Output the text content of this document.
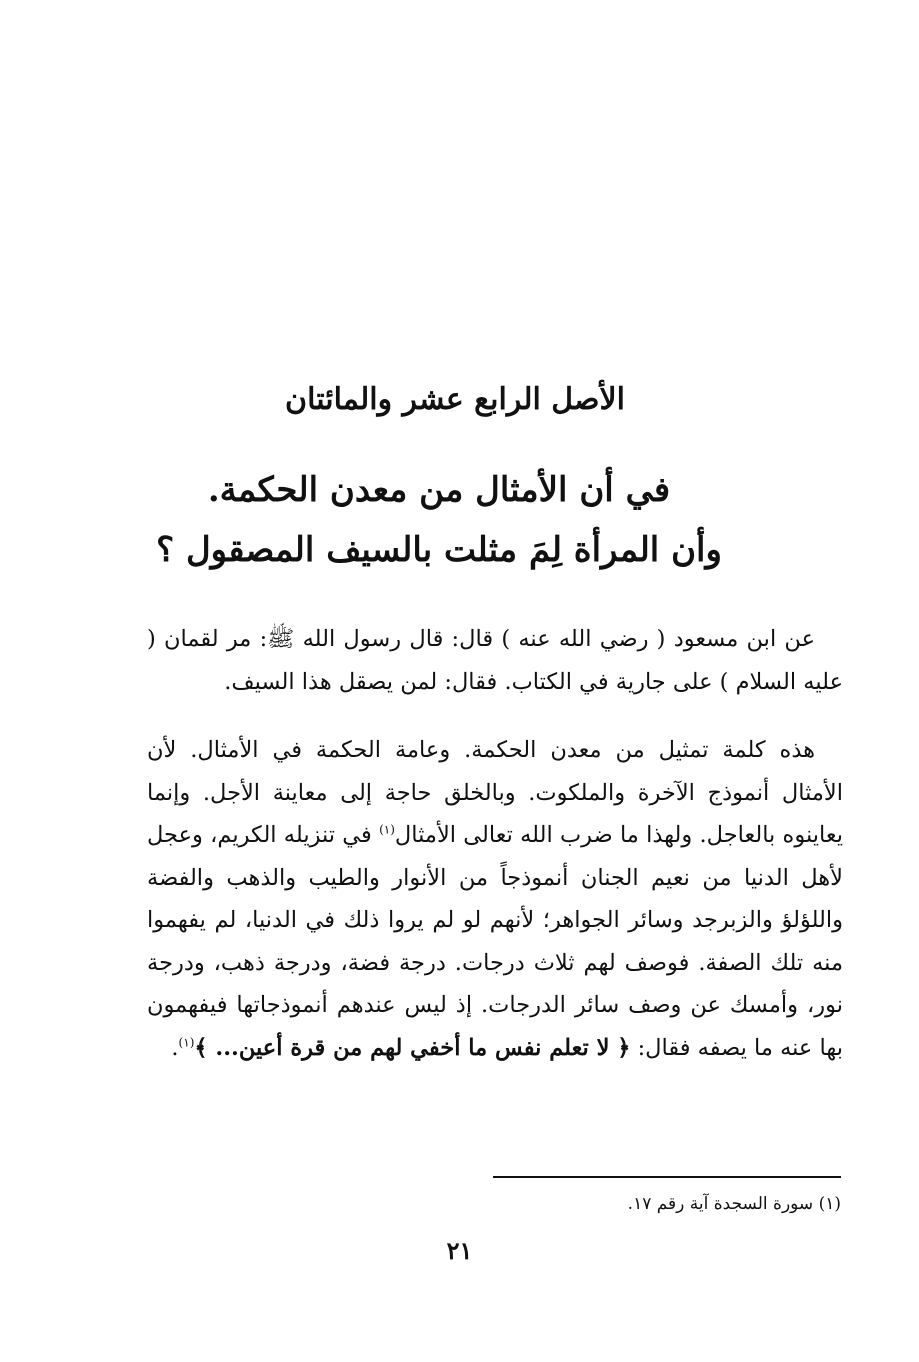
الأصل الرابع عشر والمائتان
في أن الأمثال من معدن الحكمة.
وأن المرأة لِمَ مثلت بالسيف المصقول ؟

عن ابن مسعود ( رضي الله عنه ) قال: قال رسول الله ﷺ: مر لقمان ( عليه السلام ) على جارية في الكتاب. فقال: لمن يصقل هذا السيف.

هذه كلمة تمثيل من معدن الحكمة. وعامة الحكمة في الأمثال. لأن الأمثال أنموذج الآخرة والملكوت. وبالخلق حاجة إلى معاينة الأجل. وإنما يعاينوه بالعاجل. ولهذا ما ضرب الله تعالى الأمثال$^{(١)}$ في تنزيله الكريم، وعجل لأهل الدنيا من نعيم الجنان أنموذجاً من الأنوار والطيب والذهب والفضة واللؤلؤ والزبرجد وسائر الجواهر؛ لأنهم لو لم يروا ذلك في الدنيا، لم يفهموا منه تلك الصفة. فوصف لهم ثلاث درجات. درجة فضة، ودرجة ذهب، ودرجة نور، وأمسك عن وصف سائر الدرجات. إذ ليس عندهم أنموذجاتها فيفهمون بها عنه ما يصفه فقال: ﴿ لا تعلم نفس ما أخفي لهم من قرة أعين... ﴾$^{(١)}$.

(١) سورة السجدة آية رقم ١٧.

٢١
